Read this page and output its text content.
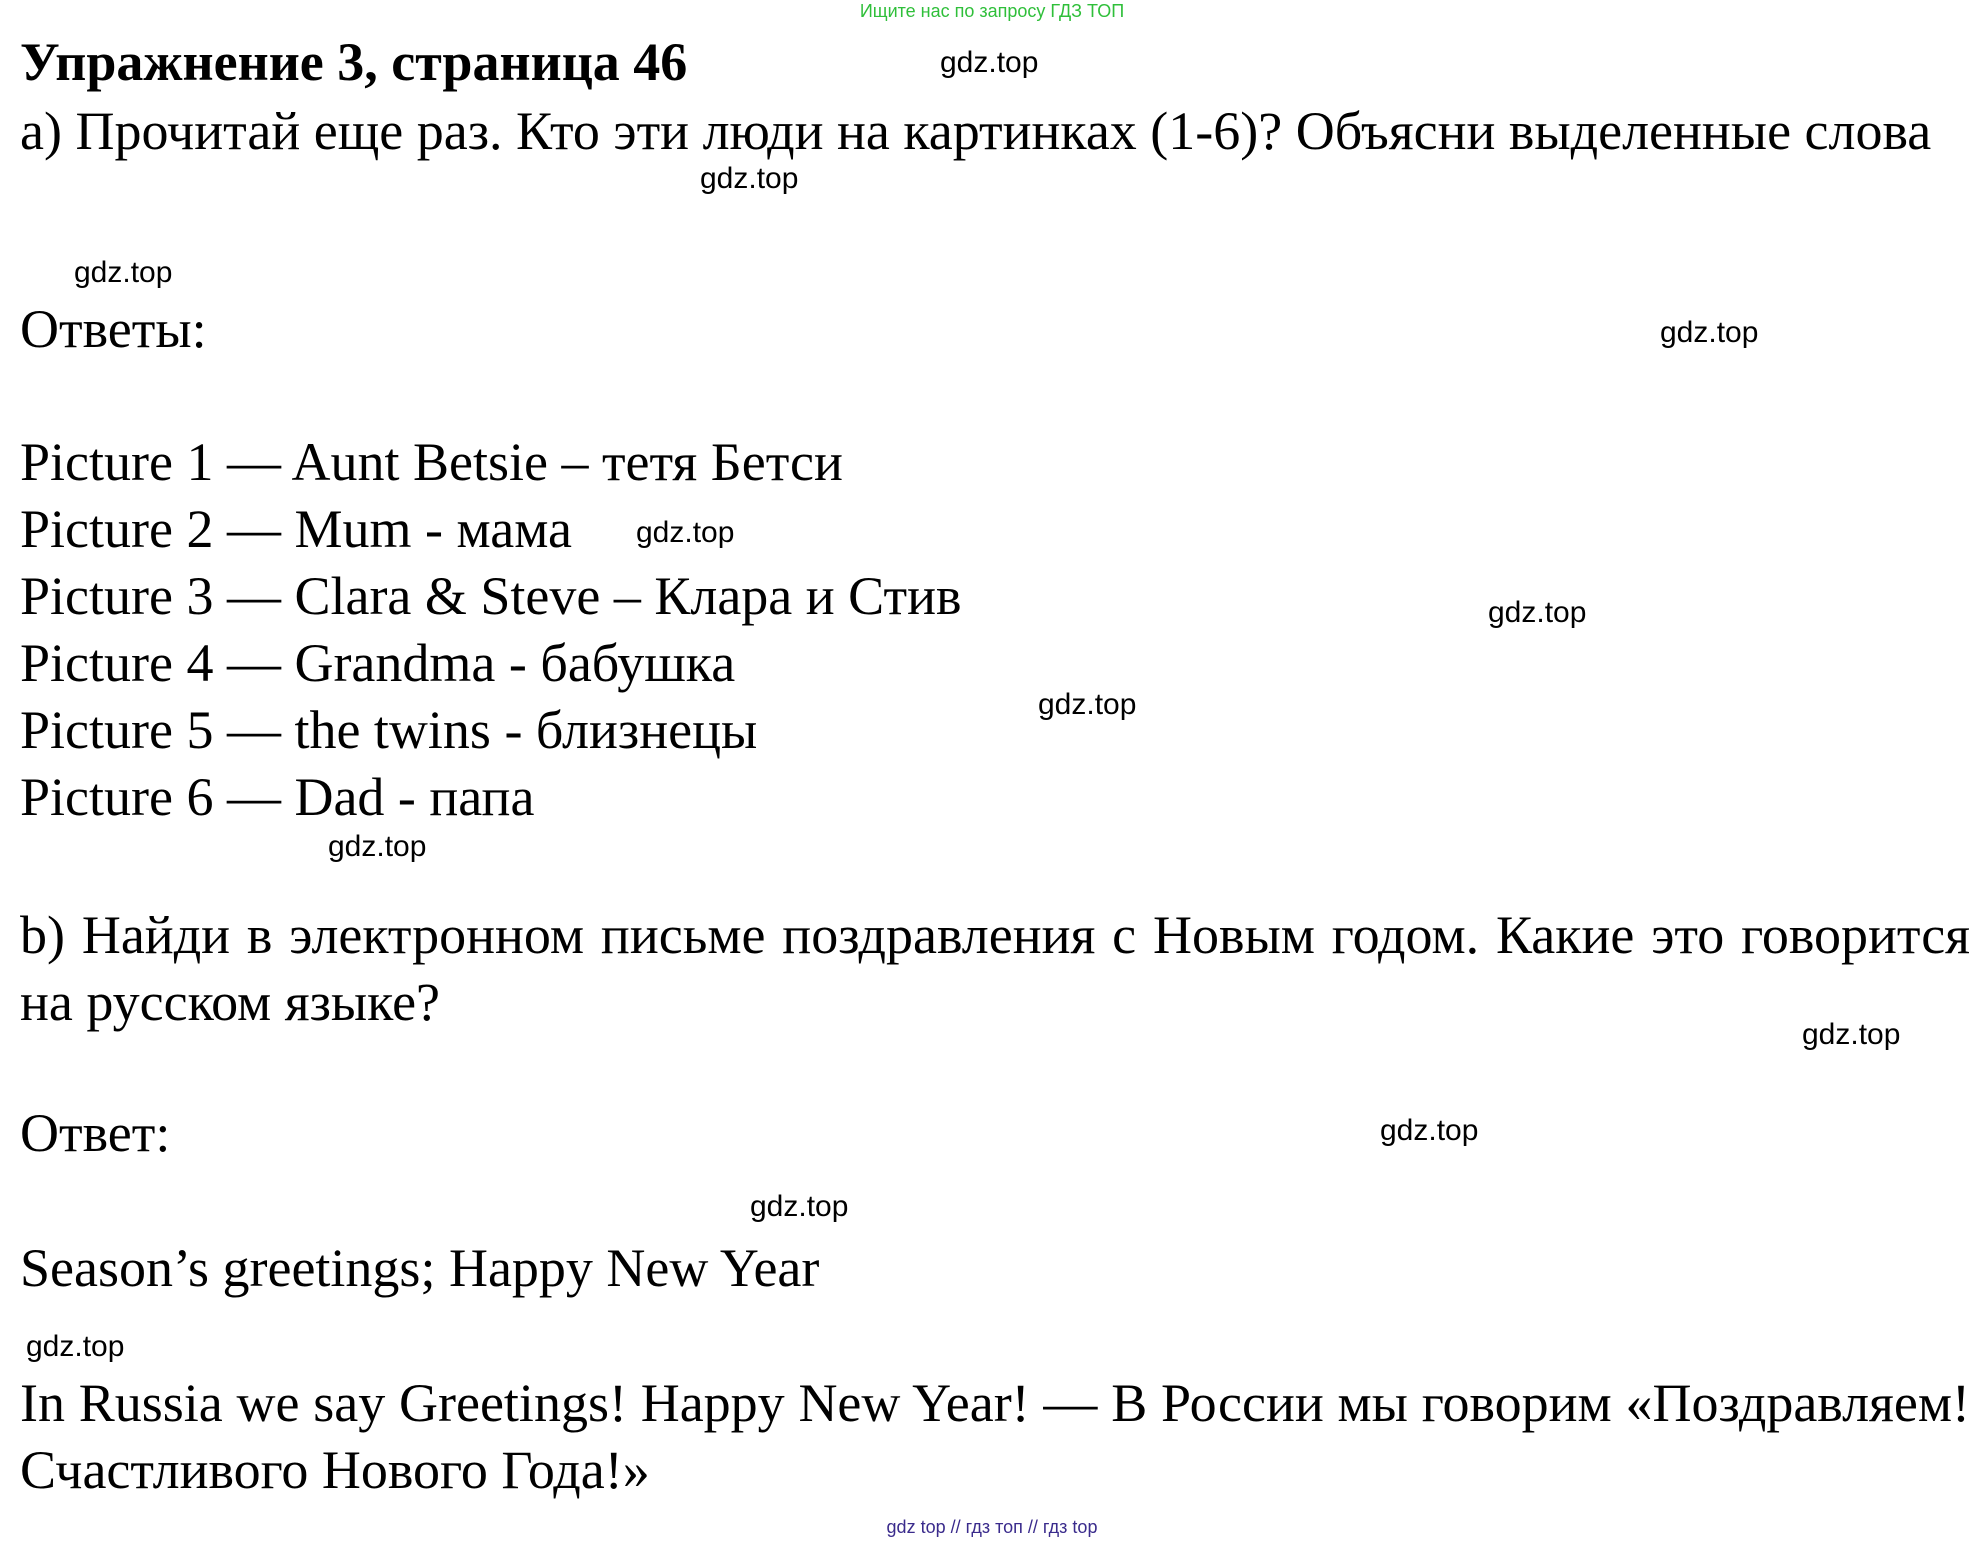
Ищите нас по запросу ГДЗ ТОП
Упражнение 3, страница 46
а) Прочитай еще раз. Кто эти люди на картинках (1-6)? Объясни выделенные слова
Ответы:
Picture 1 — Aunt Betsie – тетя Бетси
Picture 2 — Mum - мама
Picture 3 — Clara & Steve – Клара и Стив
Picture 4 — Grandma - бабушка
Picture 5 — the twins - близнецы
Picture 6 — Dad - папа
b) Найди в электронном письме поздравления с Новым годом. Какие это говорится на русском языке?
Ответ:
Season’s greetings; Happy New Year
In Russia we say Greetings! Happy New Year! — В России мы говорим «Поздравляем! Счастливого Нового Года!»
gdz.top
gdz.top
gdz.top
gdz.top
gdz.top
gdz.top
gdz.top
gdz.top
gdz.top
gdz.top
gdz.top
gdz.top
gdz top // гдз топ // гдз top
